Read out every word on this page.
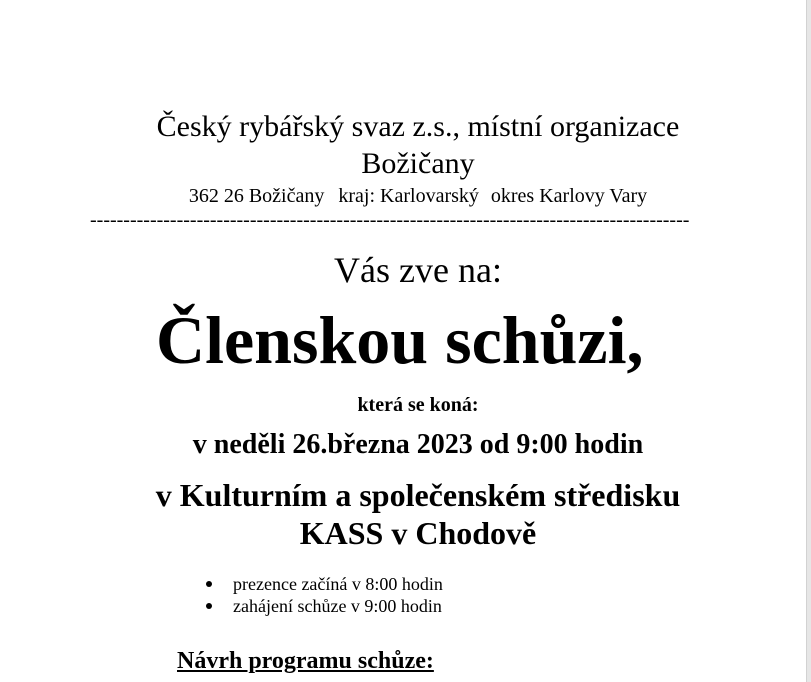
Český rybářský svaz z.s., místní organizace

Božičany

362 26 Božičany kraj: Karlovarský okres Karlovy Vary

------------------------------------------------------------------------------------------

Vás zve na:

Členskou schůzi,

která se koná:

v neděli 26.března 2023 od 9:00 hodin

v Kulturním a společenském středisku

KASS v Chodově

prezence začíná v 8:00 hodin
zahájení schůze v 9:00 hodin

Návrh programu schůze:
